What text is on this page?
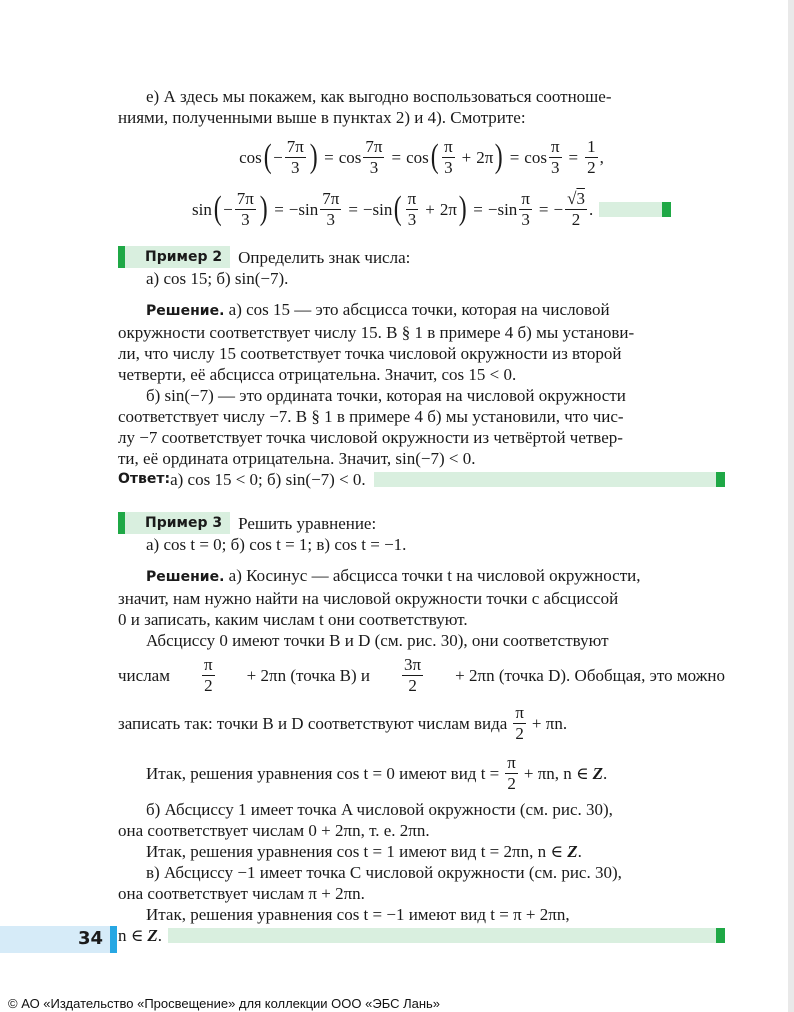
е) А здесь мы покажем, как выгодно воспользоваться соотноше-

ниями, полученными выше в пунктах 2) и 4). Смотрите:

cos ( − $\frac{7\pi}{3}$ ) = $\cos \frac{7\pi}{3} = \cos$ ( $\frac{\pi}{3} + 2\pi$ ) = $\cos \frac{\pi}{3} = \frac{1}{2}$ ,
sin ( − $\frac{7\pi}{3}$ ) = − $\sin \frac{7\pi}{3}$ = − sin ( $\frac{\pi}{3} + 2\pi$ ) = − $\sin \frac{\pi}{3}$ = − $\frac{√3}{2}$ .
Пример 2 Определить знак числа:

а) cos 15; б) sin(−7).

Решение. а) cos 15 — это абсцисса точки, которая на числовой

окружности соответствует числу 15. В § 1 в примере 4 б) мы установи-

ли, что числу 15 соответствует точка числовой окружности из второй

четверти, её абсцисса отрицательна. Значит, cos 15 < 0.

б) sin(−7) — это ордината точки, которая на числовой окружности

соответствует числу −7. В § 1 в примере 4 б) мы установили, что чис-

лу −7 соответствует точка числовой окружности из четвёртой четвер-

ти, её ордината отрицательна. Значит, sin(−7) < 0.

Ответ: а) cos 15 < 0; б) sin(−7) < 0.
Пример 3 Решить уравнение:

а) cos t = 0; б) cos t = 1; в) cos t = −1.

Решение. а) Косинус — абсцисса точки t на числовой окружности,

значит, нам нужно найти на числовой окружности точки с абсциссой

0 и записать, каким числам t они соответствуют.

Абсциссу 0 имеют точки B и D (см. рис. 30), они соответствуют

числам $\frac{\pi}{2} + 2\pi n$ (точка B) и $\frac{3\pi}{2} + 2\pi n$ (точка D). Обобщая, это можно
записать так: точки B и D соответствуют числам вида $\frac{\pi}{2} + \pi n$.
Итак, решения уравнения cos t = 0 имеют вид $t = \frac{\pi}{2} + \pi n$, n ∈ Z .

б) Абсциссу 1 имеет точка A числовой окружности (см. рис. 30),

она соответствует числам 0 + 2πn, т. е. 2πn.

Итак, решения уравнения cos t = 1 имеют вид t = 2πn, n ∈ Z.

в) Абсциссу −1 имеет точка C числовой окружности (см. рис. 30),

она соответствует числам π + 2πn.

Итак, решения уравнения cos t = −1 имеют вид t = π + 2πn,

n ∈ Z .
34
© АО «Издательство «Просвещение» для коллекции ООО «ЭБС Лань»
